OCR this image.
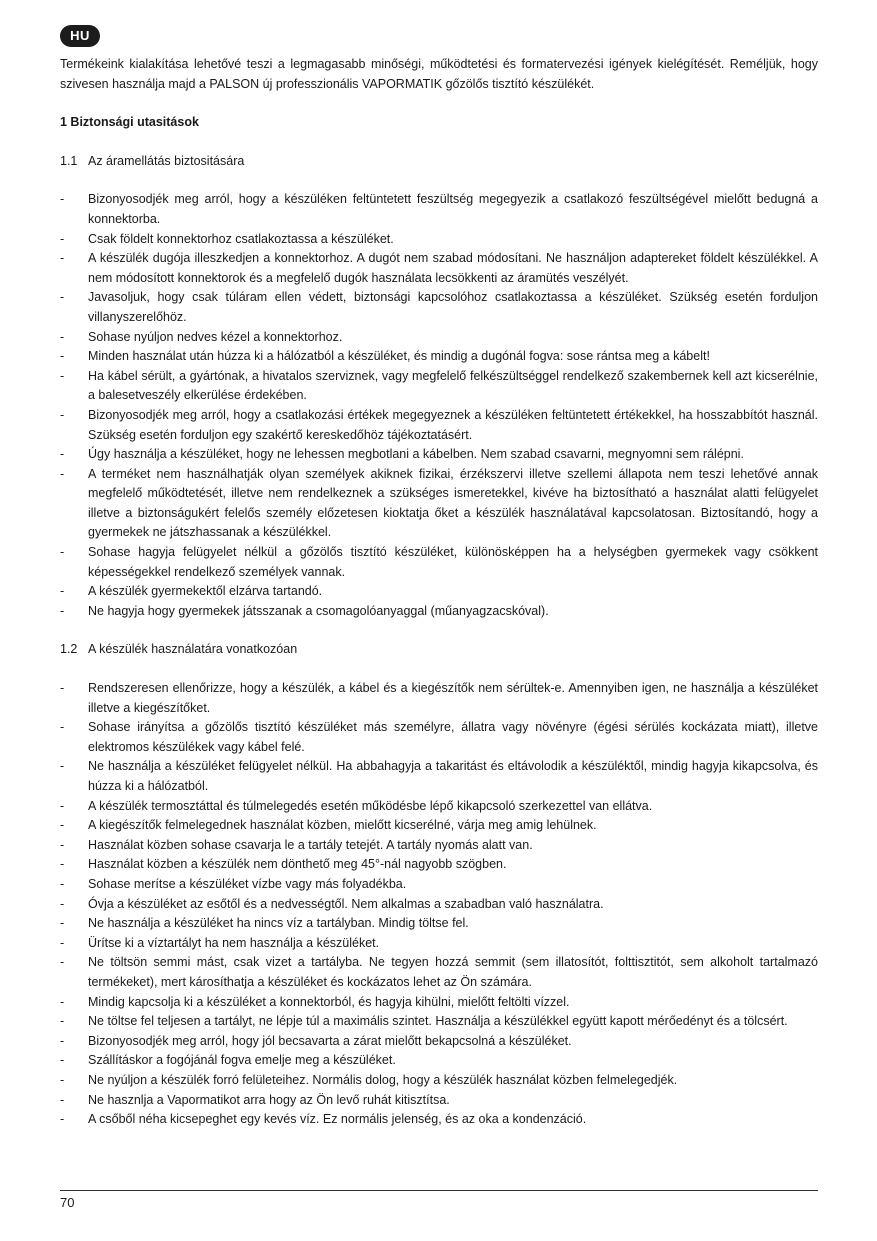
HU

Termékeink kialakítása lehetővé teszi a legmagasabb minőségi, működtetési és formatervezési igények kielégítését. Reméljük, hogy szivesen használja majd a PALSON új professzionális VAPORMATIK gőzölős tisztító készülékét.

1 Biztonsági utasitások
1.1 Az áramellátás biztositására
-	Bizonyosodjék meg arról, hogy a készüléken feltüntetett feszültség megegyezik a csatlakozó feszültségével mielőtt bedugná a konnektorba.
-	Csak földelt konnektorhoz csatlakoztassa a készüléket.
-	A készülék dugója illeszkedjen a konnektorhoz. A dugót nem szabad módosítani. Ne használjon adaptereket földelt készülékkel. A nem módosított konnektorok és a megfelelő dugók használata lecsökkenti az áramütés veszélyét.
-	Javasoljuk, hogy csak túláram ellen védett, biztonsági kapcsolóhoz csatlakoztassa a készüléket. Szükség esetén forduljon villanyszerelőhöz.
-	Sohase nyúljon nedves kézel a konnektorhoz.
-	Minden használat után húzza ki a hálózatból a készüléket, és mindig a dugónál fogva: sose rántsa meg a kábelt!
-	Ha kábel sérült, a gyártónak, a hivatalos szerviznek, vagy megfelelő felkészültséggel rendelkező szakembernek kell azt kicserélnie, a balesetveszély elkerülése érdekében.
-	Bizonyosodjék meg arról, hogy a csatlakozási értékek megegyeznek a készüléken feltüntetett értékekkel, ha hosszabbítót használ. Szükség esetén forduljon egy szakértő kereskedőhöz tájékoztatásért.
-	Úgy használja a készüléket, hogy ne lehessen megbotlani a kábelben. Nem szabad csavarni, megnyomni sem rálépni.
-	A terméket nem használhatják olyan személyek akiknek fizikai, érzékszervi illetve szellemi állapota nem teszi lehetővé annak megfelelő működtetését, illetve nem rendelkeznek a szükséges ismeretekkel, kivéve ha biztosítható a használat alatti felügyelet illetve a biztonságukért felelős személy előzetesen kioktatja őket a készülék használatával kapcsolatosan. Biztosítandó, hogy a gyermekek ne játszhassanak a készülékkel.
-	Sohase hagyja felügyelet nélkül a gőzölős tisztító készüléket, különösképpen ha a helységben gyermekek vagy csökkent képességekkel rendelkező személyek vannak.
-	A készülék gyermekektől elzárva tartandó.
-	Ne hagyja hogy gyermekek játsszanak a csomagolóanyaggal (műanyagzacskóval).
1.2 A készülék használatára vonatkozóan
-	Rendszeresen ellenőrizze, hogy a készülék, a kábel és a kiegészítők nem sérültek-e. Amennyiben igen, ne használja a készüléket illetve a kiegészítőket.
-	Sohase irányítsa a gőzölős tisztító készüléket más személyre, állatra vagy növényre (égési sérülés kockázata miatt), illetve elektromos készülékek vagy kábel felé.
-	Ne használja a készüléket felügyelet nélkül. Ha abbahagyja a takaritást és eltávolodik a készüléktől, mindig hagyja kikapcsolva, és húzza ki a hálózatból.
-	A készülék termosztáttal és túlmelegedés esetén működésbe lépő kikapcsoló szerkezettel van ellátva.
-	A kiegészítők felmelegednek használat közben, mielőtt kicserélné, várja meg amig lehülnek.
-	Használat közben sohase csavarja le a tartály tetejét. A tartály nyomás alatt van.
-	Használat közben a készülék nem dönthető meg 45°-nál nagyobb szögben.
-	Sohase merítse a készüléket vízbe vagy más folyadékba.
-	Óvja a készüléket az esőtől és a nedvességtől. Nem alkalmas a szabadban való használatra.
-	Ne használja a készüléket ha nincs víz a tartályban. Mindig töltse fel.
-	Ürítse ki a víztartályt ha nem használja a készüléket.
-	Ne töltsön semmi mást, csak vizet a tartályba. Ne tegyen hozzá semmit (sem illatosítót, folttisztitót, sem alkoholt tartalmazó termékeket), mert károsíthatja a készüléket és kockázatos lehet az Ön számára.
-	Mindig kapcsolja ki a készüléket a konnektorból, és hagyja kihülni, mielőtt feltölti vízzel.
-	Ne töltse fel teljesen a tartályt, ne lépje túl a maximális szintet. Használja a készülékkel együtt kapott mérőedényt és a tölcsért.
-	Bizonyosodjék meg arról, hogy jól becsavarta a zárat mielőtt bekapcsolná a készüléket.
-	Szállításkor a fogójánál fogva emelje meg a készüléket.
-	Ne nyúljon a készülék forró felületeihez. Normális dolog, hogy a készülék használat közben felmelegedjék.
-	Ne hasznlja a Vapormatikot arra hogy az Ön levő ruhát kitisztítsa.
-	A csőből néha kicsepeghet egy kevés víz. Ez normális jelenség, és az oka a kondenzáció.
70
